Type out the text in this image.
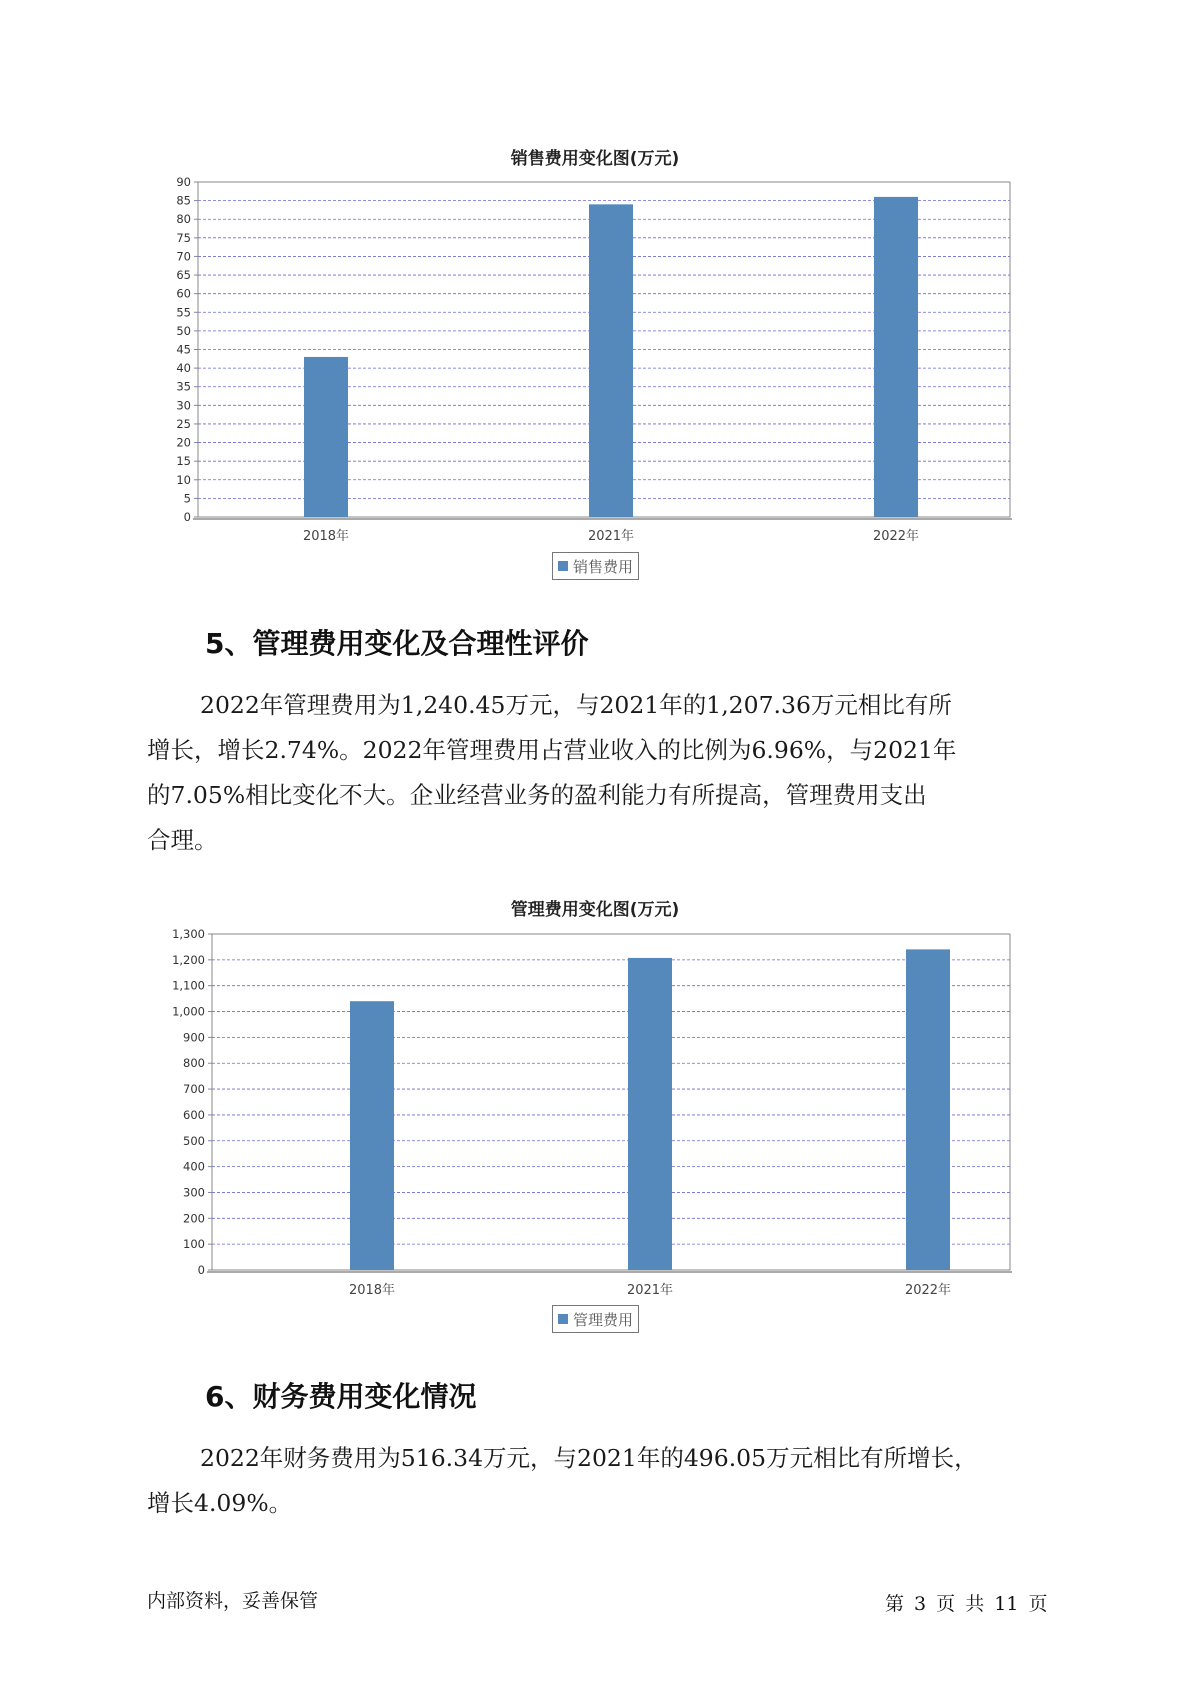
销售费用变化图(万元)
0
5
10
15
20
25
30
35
40
45
50
55
60
65
70
75
80
85
90
2018年	2021年	2022年
销售费用
5、管理费用变化及合理性评价
2022年管理费用为1,240.45万元，与2021年的1,207.36万元相比有所
增长，增长2.74%。2022年管理费用占营业收入的比例为6.96%，与2021年
的7.05%相比变化不大。企业经营业务的盈利能力有所提高，管理费用支出
合理。
管理费用变化图(万元)
0
100
200
300
400
500
600
700
800
900
1,000
1,100
1,200
1,300
2018年	2021年	2022年
管理费用
6、财务费用变化情况
2022年财务费用为516.34万元，与2021年的496.05万元相比有所增长，
增长4.09%。
内部资料，妥善保管	第 3 页 共 11 页
